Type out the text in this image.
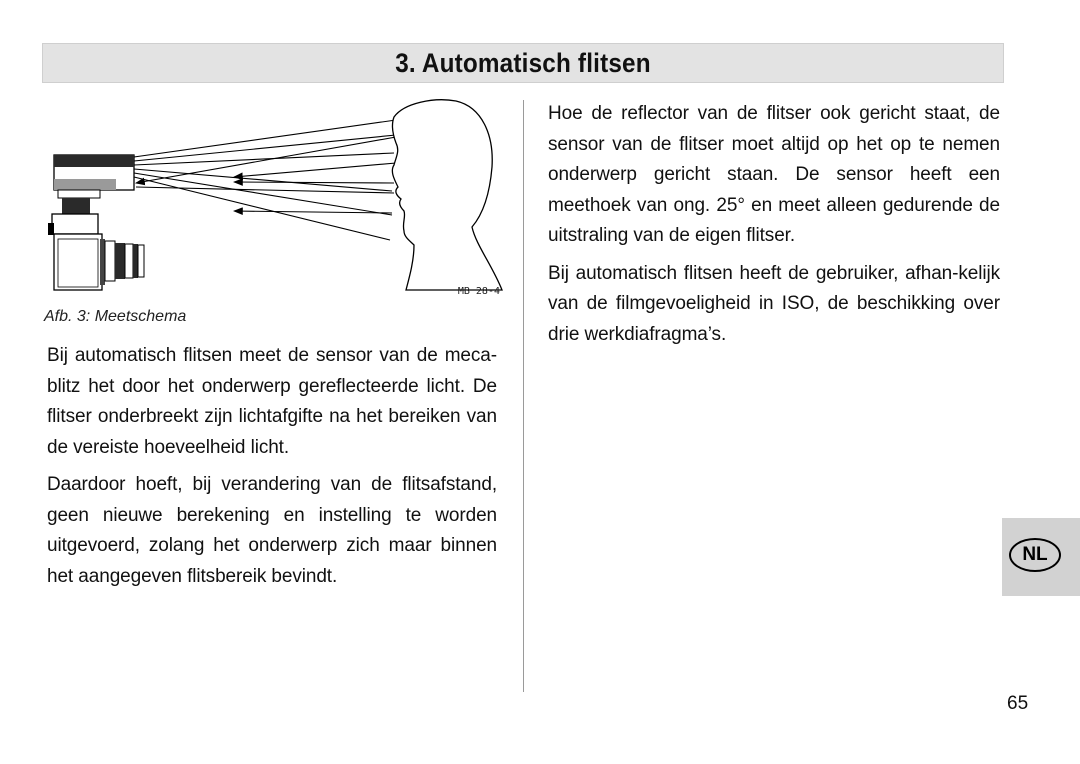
3. Automatisch flitsen
MB 28-4
Afb. 3: Meetschema

Bij automatisch flitsen meet de sensor van de meca-blitz het door het onderwerp gereflecteerde licht. De flitser onderbreekt zijn lichtafgifte na het bereiken van de vereiste hoeveelheid licht.

Daardoor hoeft, bij verandering van de flitsafstand, geen nieuwe berekening en instelling te worden uitgevoerd, zolang het onderwerp zich maar binnen het aangegeven flitsbereik bevindt.

Hoe de reflector van de flitser ook gericht staat, de sensor van de flitser moet altijd op het op te nemen onderwerp gericht staan. De sensor heeft een meethoek van ong. 25° en meet alleen gedurende de uitstraling van de eigen flitser.

Bij automatisch flitsen heeft de gebruiker, afhan-kelijk van de filmgevoeligheid in ISO, de beschikking over drie werkdiafragma’s.

NL
65
